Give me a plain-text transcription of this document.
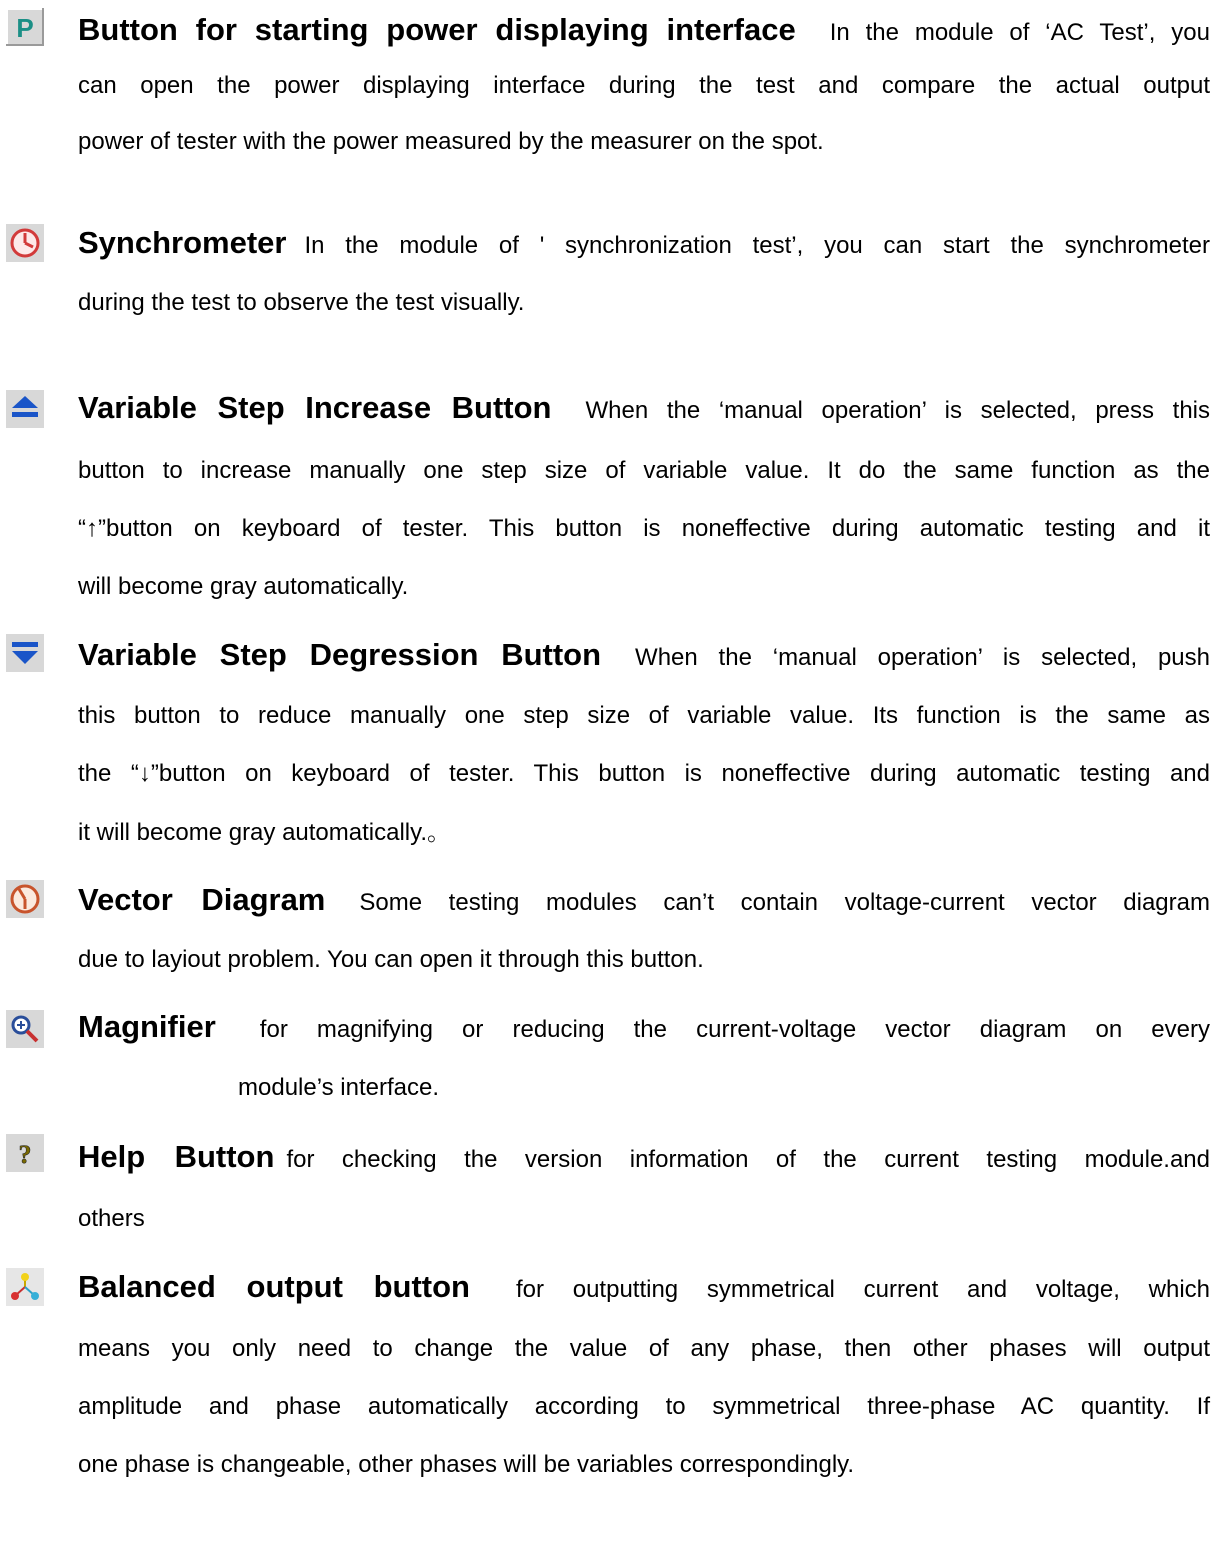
P Button for starting power displaying interface In the module of ‘AC Test’, you
can open the power displaying interface during the test and compare the actual output
power of tester with the power measured by the measurer on the spot.
Synchrometer In the module of ' synchronization test’, you can start the synchrometer
during the test to observe the test visually.
Variable Step Increase Button When the ‘manual operation’ is selected, press this
button to increase manually one step size of variable value. It do the same function as the
“↑”button on keyboard of tester. This button is noneffective during automatic testing and it
will become gray automatically.
Variable Step Degression Button When the ‘manual operation’ is selected, push
this button to reduce manually one step size of variable value. Its function is the same as
the “↓”button on keyboard of tester. This button is noneffective during automatic testing and
it will become gray automatically.。
Vector Diagram Some testing modules can’t contain voltage-current vector diagram
due to layiout problem. You can open it through this button.
Magnifier for magnifying or reducing the current-voltage vector diagram on every
module’s interface.
? Help Button for checking the version information of the current testing module.and
others
Balanced output button for outputting symmetrical current and voltage, which
means you only need to change the value of any phase, then other phases will output
amplitude and phase automatically according to symmetrical three-phase AC quantity. If
one phase is changeable, other phases will be variables correspondingly.
